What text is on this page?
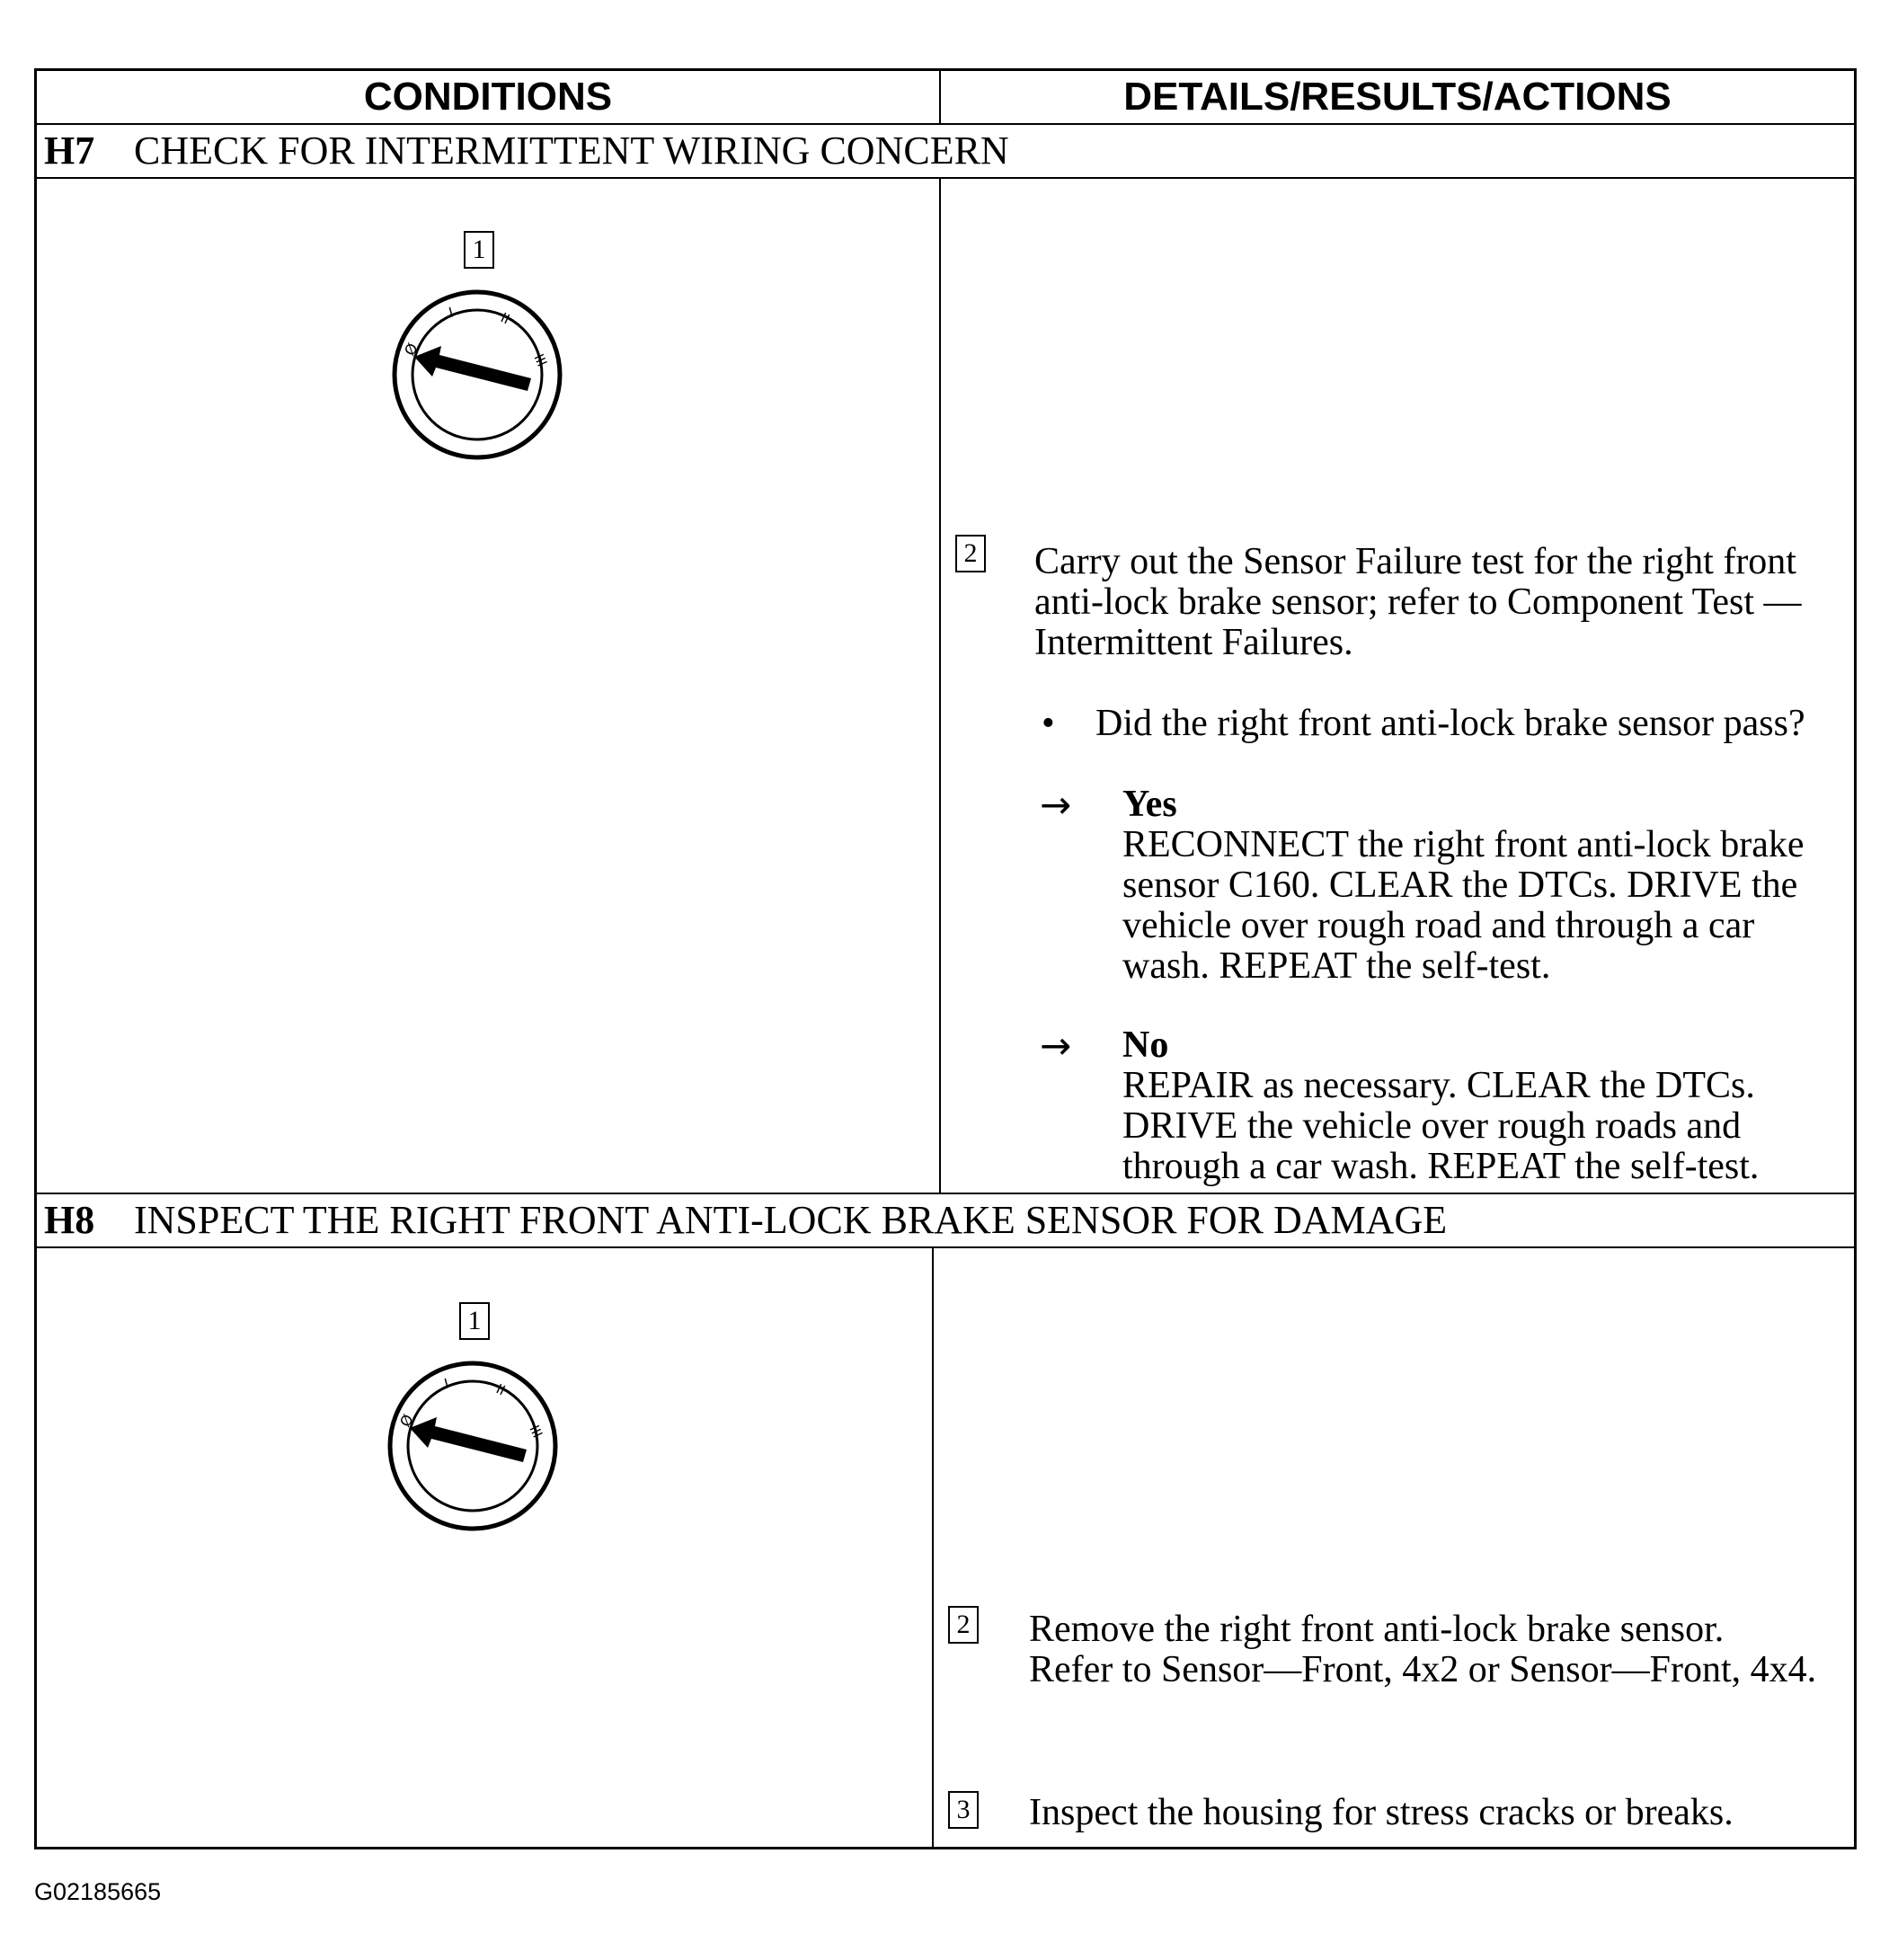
CONDITIONS	DETAILS/RESULTS/ACTIONS
H7 CHECK FOR INTERMITTENT WIRING CONCERN
1
Ø
I	II
III
2 Carry out the Sensor Failure test for the right front anti-lock brake sensor; refer to Component Test — Intermittent Failures.
• Did the right front anti-lock brake sensor pass?
→ Yes
RECONNECT the right front anti-lock brake sensor C160. CLEAR the DTCs. DRIVE the vehicle over rough road and through a car wash. REPEAT the self-test.
→ No
REPAIR as necessary. CLEAR the DTCs. DRIVE the vehicle over rough roads and through a car wash. REPEAT the self-test.
H8 INSPECT THE RIGHT FRONT ANTI-LOCK BRAKE SENSOR FOR DAMAGE
1
Ø
I	II
III
2 Remove the right front anti-lock brake sensor.
Refer to Sensor—Front, 4x2 or Sensor—Front, 4x4.
3 Inspect the housing for stress cracks or breaks.
G02185665
